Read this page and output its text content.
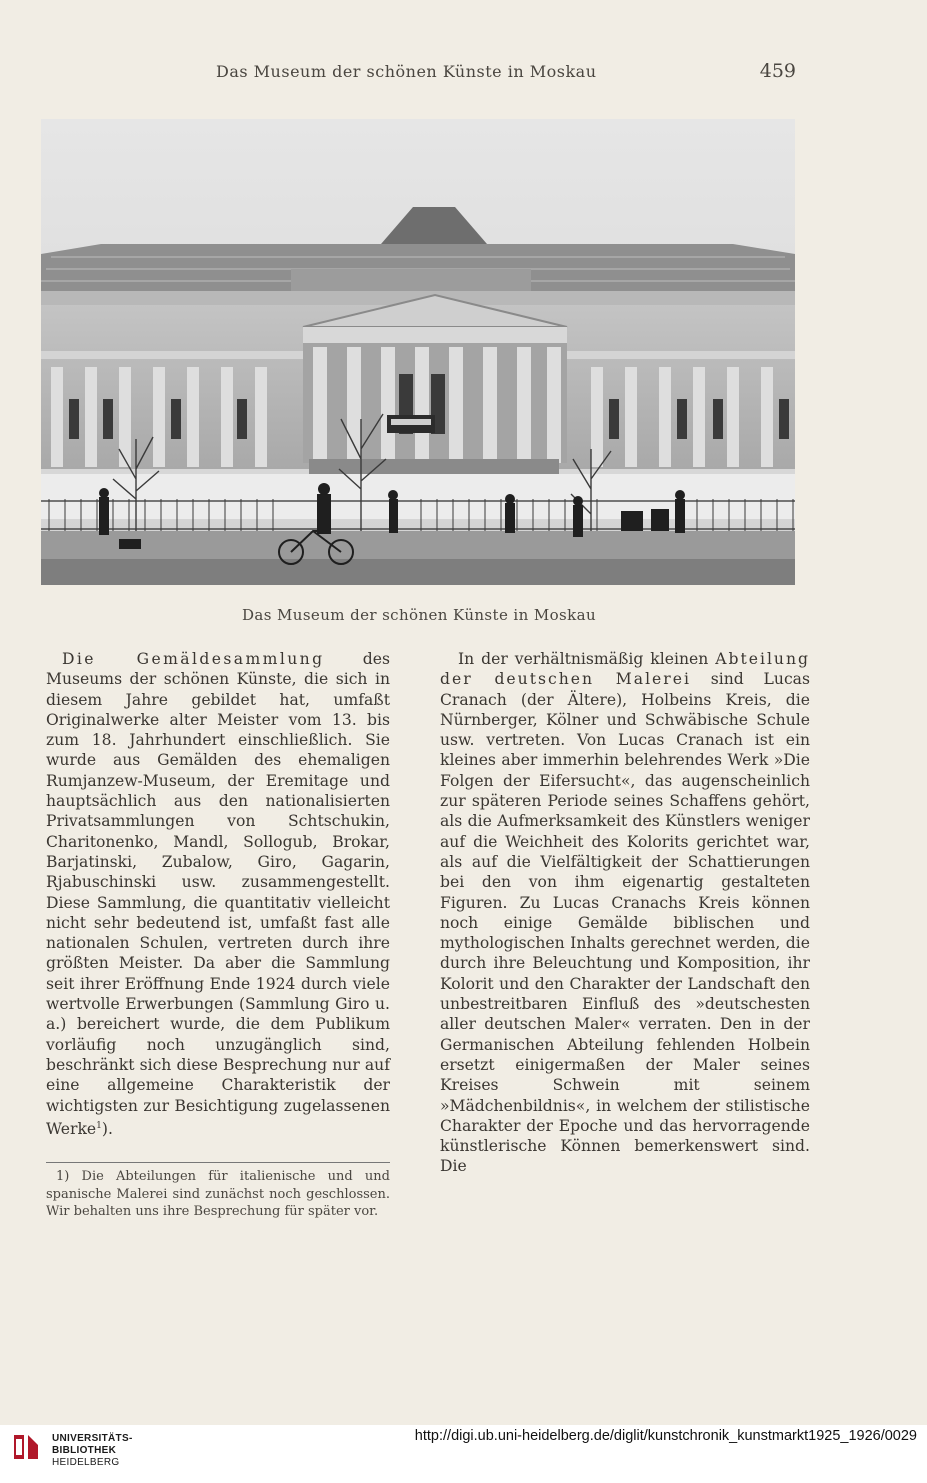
Das Museum der schönen Künste in Moskau	459
Das Museum der schönen Künste in Moskau

Die Gemäldesammlung des Museums der schönen Künste, die sich in diesem Jahre gebildet hat, umfaßt Originalwerke alter Meister vom 13. bis zum 18. Jahrhundert einschließlich. Sie wurde aus Gemälden des ehemaligen Rumjanzew-Museum, der Eremitage und hauptsächlich aus den nationalisierten Privatsammlungen von Schtschukin, Charitonenko, Mandl, Sollogub, Brokar, Barjatinski, Zubalow, Giro, Gagarin, Rjabuschinski usw. zusammengestellt. Diese Sammlung, die quantitativ vielleicht nicht sehr bedeutend ist, umfaßt fast alle nationalen Schulen, vertreten durch ihre größten Meister. Da aber die Sammlung seit ihrer Eröffnung Ende 1924 durch viele wertvolle Erwerbungen (Sammlung Giro u. a.) bereichert wurde, die dem Publikum vorläufig noch unzugänglich sind, beschränkt sich diese Besprechung nur auf eine allgemeine Charakteristik der wichtigsten zur Besichtigung zugelassenen Werke$^1$).

1) Die Abteilungen für italienische und und spanische Malerei sind zunächst noch geschlossen. Wir behalten uns ihre Besprechung für später vor.

In der verhältnismäßig kleinen Abteilung der deutschen Malerei sind Lucas Cranach (der Ältere), Holbeins Kreis, die Nürnberger, Kölner und Schwäbische Schule usw. vertreten. Von Lucas Cranach ist ein kleines aber immerhin belehrendes Werk »Die Folgen der Eifersucht«, das augenscheinlich zur späteren Periode seines Schaffens gehört, als die Aufmerksamkeit des Künstlers weniger auf die Weichheit des Kolorits gerichtet war, als auf die Vielfältigkeit der Schattierungen bei den von ihm eigenartig gestalteten Figuren. Zu Lucas Cranachs Kreis können noch einige Gemälde biblischen und mythologischen Inhalts gerechnet werden, die durch ihre Beleuchtung und Komposition, ihr Kolorit und den Charakter der Landschaft den unbestreitbaren Einfluß des »deutschesten aller deutschen Maler« verraten. Den in der Germanischen Abteilung fehlenden Holbein ersetzt einigermaßen der Maler seines Kreises Schwein mit seinem »Mädchenbildnis«, in welchem der stilistische Charakter der Epoche und das hervorragende künstlerische Können bemerkenswert sind. Die

UNIVERSITÄTS-
BIBLIOTHEK
HEIDELBERG
http://digi.ub.uni-heidelberg.de/diglit/kunstchronik_kunstmarkt1925_1926/0029
